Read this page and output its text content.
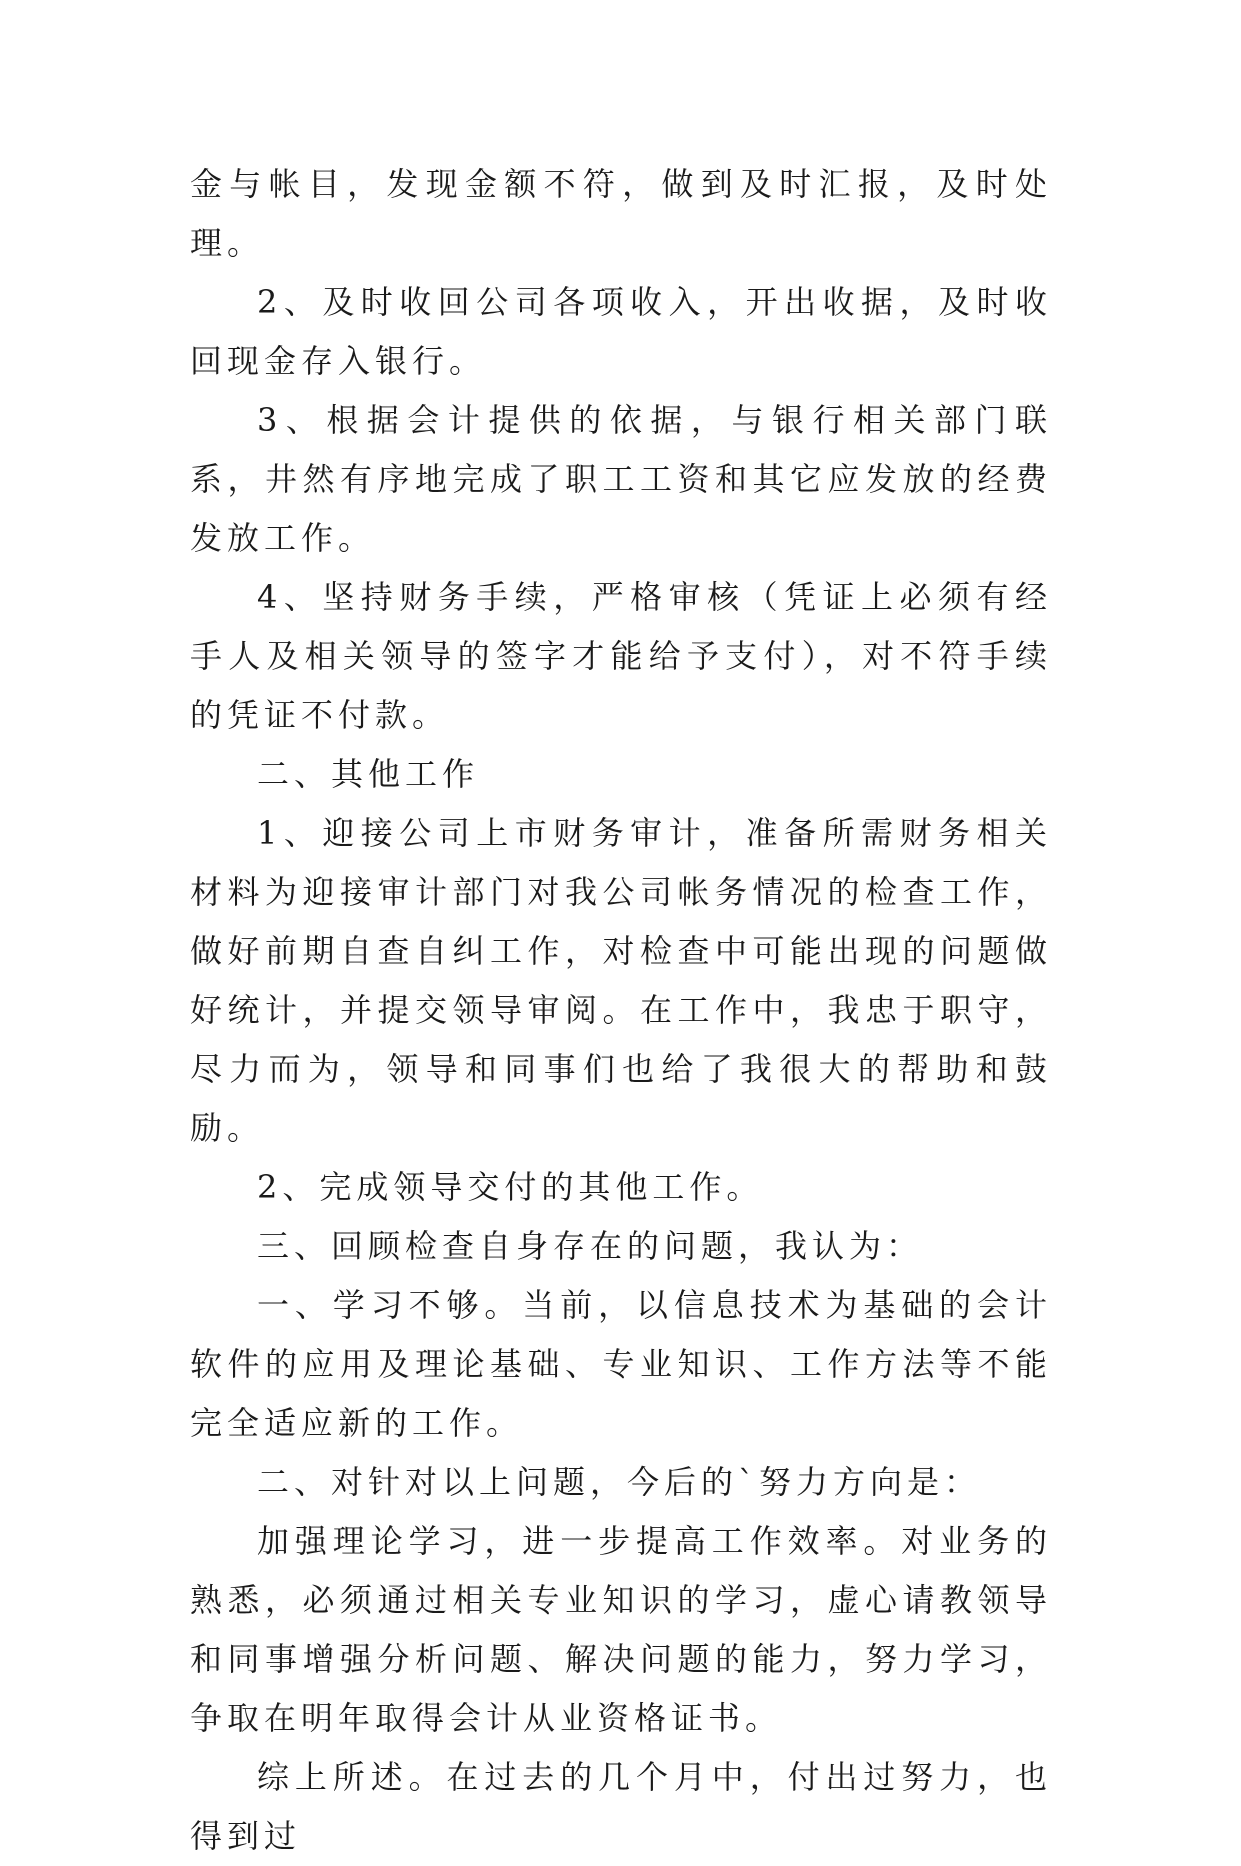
金与帐目，发现金额不符，做到及时汇报，及时处理。

2、及时收回公司各项收入，开出收据，及时收回现金存入银行。

3、根据会计提供的依据，与银行相关部门联系，井然有序地完成了职工工资和其它应发放的经费发放工作。

4、坚持财务手续，严格审核（凭证上必须有经手人及相关领导的签字才能给予支付），对不符手续的凭证不付款。

二、其他工作

1、迎接公司上市财务审计，准备所需财务相关材料为迎接审计部门对我公司帐务情况的检查工作，做好前期自查自纠工作，对检查中可能出现的问题做好统计，并提交领导审阅。在工作中，我忠于职守，尽力而为，领导和同事们也给了我很大的帮助和鼓励。

2、完成领导交付的其他工作。

三、回顾检查自身存在的问题，我认为：

一、学习不够。当前，以信息技术为基础的会计软件的应用及理论基础、专业知识、工作方法等不能完全适应新的工作。

二、对针对以上问题，今后的`努力方向是：

加强理论学习，进一步提高工作效率。对业务的熟悉，必须通过相关专业知识的学习，虚心请教领导和同事增强分析问题、解决问题的能力，努力学习，争取在明年取得会计从业资格证书。

综上所述。在过去的几个月中，付出过努力，也得到过
